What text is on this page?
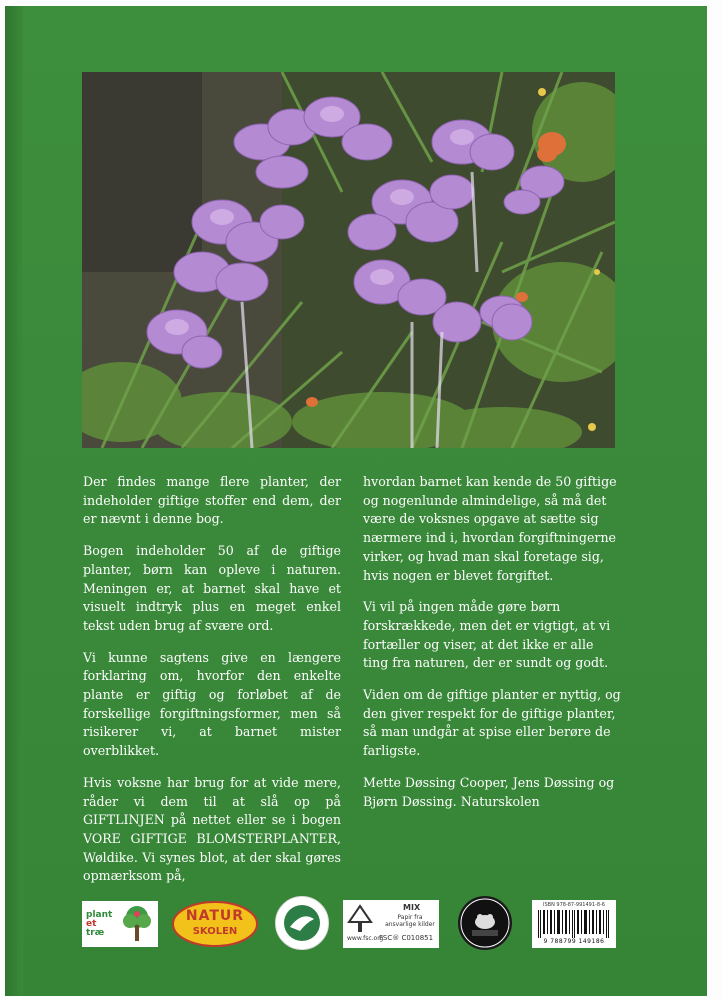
Der findes mange flere planter, der indeholder giftige stoffer end dem, der er nævnt i denne bog.

Bogen indeholder 50 af de giftige planter, børn kan opleve i naturen. Meningen er, at barnet skal have et visuelt indtryk plus en meget enkel tekst uden brug af svære ord.

Vi kunne sagtens give en længere forklaring om, hvorfor den enkelte plante er giftig og forløbet af de forskellige forgiftningsformer, men så risikerer vi, at barnet mister overblikket.

Hvis voksne har brug for at vide mere, råder vi dem til at slå op på GIFTLINJEN på nettet eller se i bogen VORE GIFTIGE BLOMSTERPLANTER, Wøldike. Vi synes blot, at der skal gøres opmærksom på,

hvordan barnet kan kende de 50 giftige og nogenlunde almindelige, så må det være de voksnes opgave at sætte sig nærmere ind i, hvordan forgiftningerne virker, og hvad man skal foretage sig, hvis nogen er blevet forgiftet.

Vi vil på ingen måde gøre børn forskrækkede, men det er vigtigt, at vi fortæller og viser, at det ikke er alle ting fra naturen, der er sundt og godt.

Viden om de giftige planter er nyttig, og den giver respekt for de giftige planter, så man undgår at spise eller berøre de farligste.

Mette Døssing Cooper, Jens Døssing og Bjørn Døssing. Naturskolen

plant
et
træ
NATUR
SKOLEN
www.fsc.org
MIX
Papir fra
ansvarlige kilder
FSC® C010851
ISBN 978-87-991491-8-6
9 788799 149186
